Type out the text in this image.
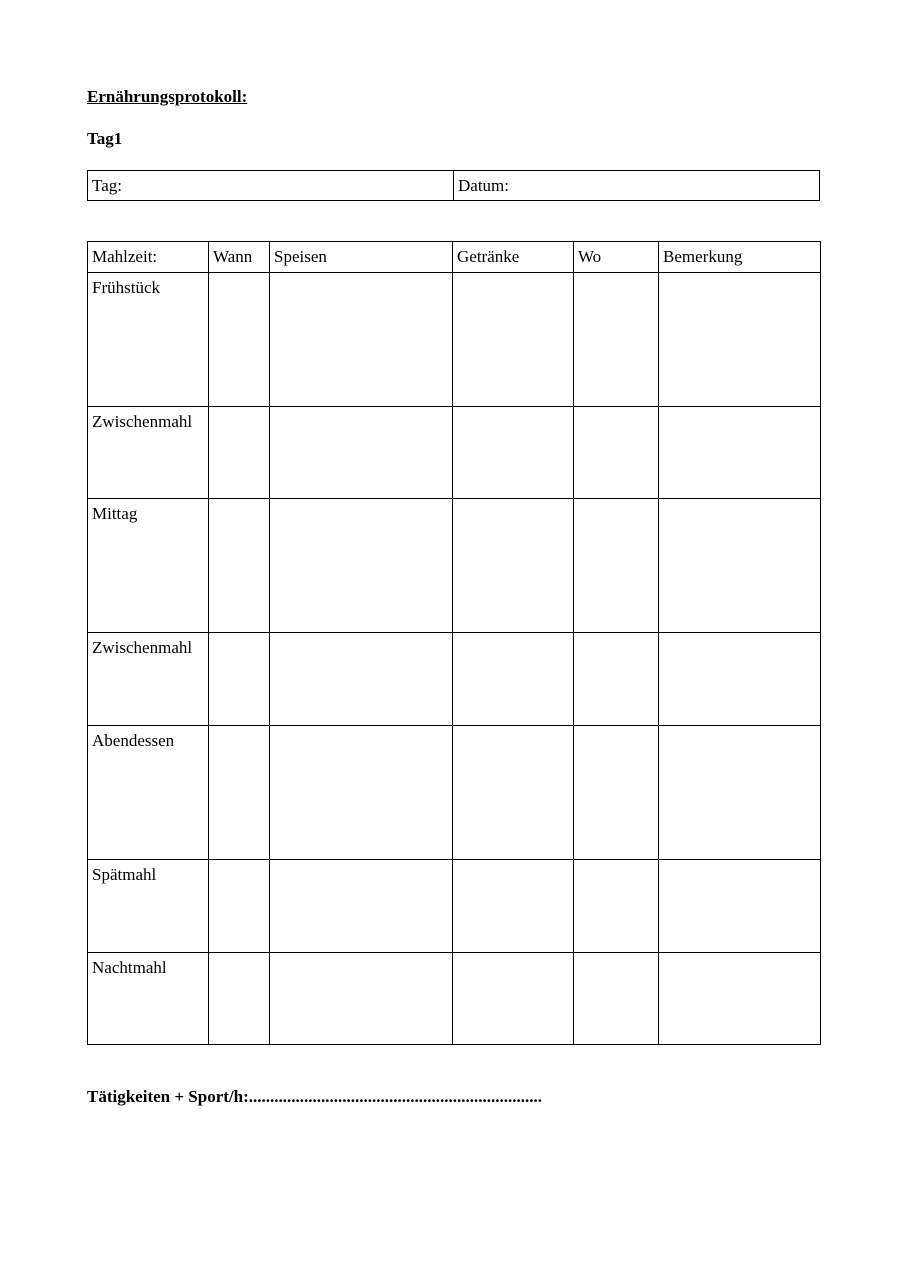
Ernährungsprotokoll:
Tag1
Tag:	Datum:
Mahlzeit:	Wann	Speisen	Getränke	Wo	Bemerkung
Frühstück					
Zwischenmahl					
Mittag					
Zwischenmahl					
Abendessen					
Spätmahl					
Nachtmahl					
Tätigkeiten + Sport/h:.....................................................................
